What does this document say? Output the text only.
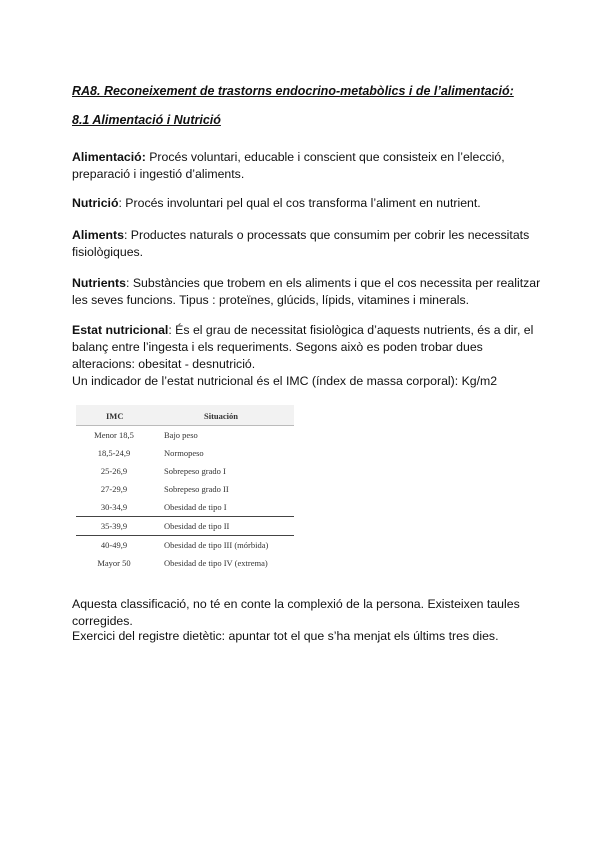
RA8. Reconeixement de trastorns endocrino-metabòlics i de l’alimentació:
8.1 Alimentació i Nutrició
Alimentació: Procés voluntari, educable i conscient que consisteix en l’elecció, preparació i ingestió d’aliments.
Nutrició: Procés involuntari pel qual el cos transforma l’aliment en nutrient.
Aliments: Productes naturals o processats que consumim per cobrir les necessitats fisiològiques.
Nutrients: Substàncies que trobem en els aliments i que el cos necessita per realitzar les seves funcions. Tipus : proteïnes, glúcids, lípids, vitamines i minerals.
Estat nutricional: És el grau de necessitat fisiològica d’aquests nutrients, és a dir, el balanç entre l’ingesta i els requeriments. Segons això es poden trobar dues alteracions: obesitat - desnutrició.
Un indicador de l’estat nutricional és el IMC (índex de massa corporal): Kg/m2
IMC	Situación
Menor 18,5	Bajo peso
18,5-24,9	Normopeso
25-26,9	Sobrepeso grado I
27-29,9	Sobrepeso grado II
30-34,9	Obesidad de tipo I
35-39,9	Obesidad de tipo II
40-49,9	Obesidad de tipo III (mórbida)
Mayor 50	Obesidad de tipo IV (extrema)
Aquesta classificació, no té en conte la complexió de la persona. Existeixen taules corregides.
Exercici del registre dietètic: apuntar tot el que s’ha menjat els últims tres dies.
